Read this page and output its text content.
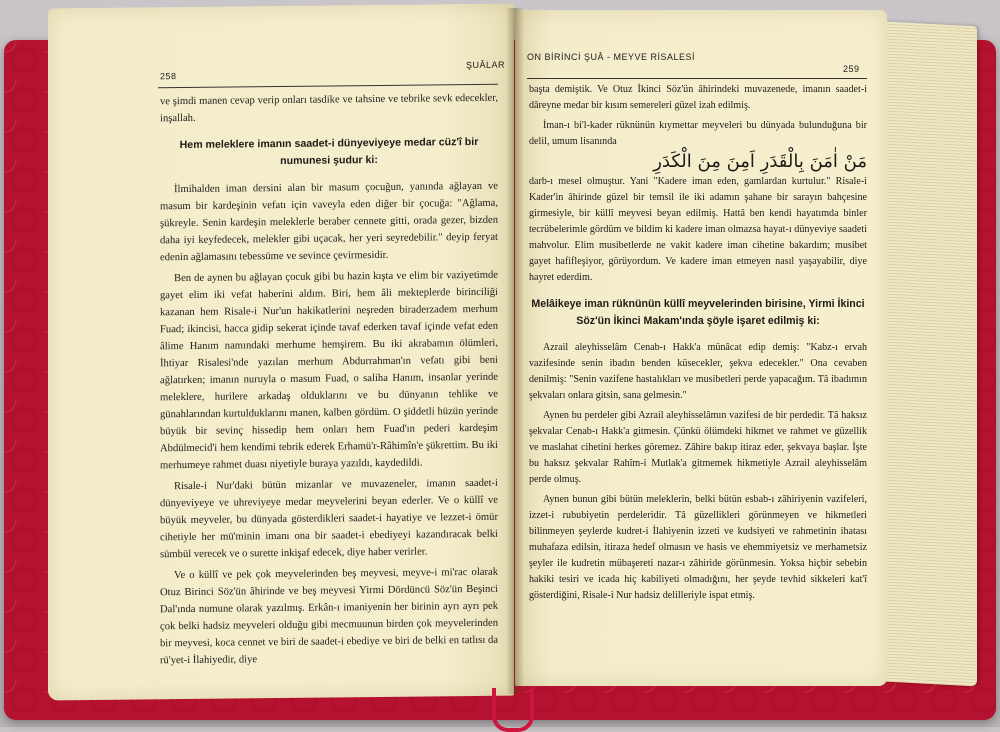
258
ŞUÂLAR

ve şimdi manen cevap verip onları tasdike ve tahsine ve tebrike sevk edecekler, inşallah.

Hem meleklere imanın saadet-i dünyeviyeye medar cüz'î bir numunesi şudur ki:

İlmihalden iman dersini alan bir masum çocuğun, yanında ağlayan ve masum bir kardeşinin vefatı için vaveyla eden diğer bir çocuğa: "Ağlama, şükreyle. Senin kardeşin meleklerle beraber cennete gitti, orada gezer, bizden daha iyi keyfedecek, melekler gibi uçacak, her yeri seyredebilir." deyip feryat edenin ağlamasını tebessüme ve sevince çevirmesidir.

Ben de aynen bu ağlayan çocuk gibi bu hazin kışta ve elim bir vaziyetimde gayet elim iki vefat haberini aldım. Biri, hem âli mekteplerde birinciliği kazanan hem Risale-i Nur'un hakikatlerini neşreden biraderzadem merhum Fuad; ikincisi, hacca gidip sekerat içinde tavaf ederken tavaf içinde vefat eden âlime Hanım namındaki merhume hemşirem. Bu iki akrabamın ölümleri, İhtiyar Risalesi'nde yazılan merhum Abdurrahman'ın vefatı gibi beni ağlatırken; imanın nuruyla o masum Fuad, o saliha Hanım, insanlar yerinde meleklere, hurilere arkadaş olduklarını ve bu dünyanın tehlike ve günahlarından kurtulduklarını manen, kalben gördüm. O şiddetli hüzün yerinde büyük bir sevinç hissedip hem onları hem Fuad'ın pederi kardeşim Abdülmecid'i hem kendimi tebrik ederek Erhamü'r-Râhimîn'e şükrettim. Bu iki merhumeye rahmet duası niyetiyle buraya yazıldı, kaydedildi.

Risale-i Nur'daki bütün mizanlar ve muvazeneler, imanın saadet-i dünyeviyeye ve uhreviyeye medar meyvelerini beyan ederler. Ve o küllî ve büyük meyveler, bu dünyada gösterdikleri saadet-i hayatiye ve lezzet-i ömür cihetiyle her mü'minin imanı ona bir saadet-i ebediyeyi kazandıracak belki sümbül verecek ve o surette inkişaf edecek, diye haber verirler.

Ve o küllî ve pek çok meyvelerinden beş meyvesi, meyve-i mi'rac olarak Otuz Birinci Söz'ün âhirinde ve beş meyvesi Yirmi Dördüncü Söz'ün Beşinci Dal'ında numune olarak yazılmış. Erkân-ı imaniyenin her birinin ayrı ayrı pek çok belki hadsiz meyveleri olduğu gibi mecmuunun birden çok meyvelerinden bir meyvesi, koca cennet ve biri de saadet-i ebediye ve biri de belki en tatlısı da rü'yet-i İlahiyedir, diye

ON BİRİNCİ ŞUÂ - MEYVE RİSALESİ
259

başta demiştik. Ve Otuz İkinci Söz'ün âhirindeki muvazenede, imanın saadet-i dâreyne medar bir kısım semereleri güzel izah edilmiş.

İman-ı bi'l-kader rüknünün kıymettar meyveleri bu dünyada bulunduğuna bir delil, umum lisanında

مَنْ اٰمَنَ بِالْقَدَرِ اَمِنَ مِنَ الْكَدَرِ

darb-ı mesel olmuştur. Yani "Kadere iman eden, gamlardan kurtulur." Risale-i Kader'in âhirinde güzel bir temsil ile iki adamın şahane bir sarayın bahçesine girmesiyle, bir küllî meyvesi beyan edilmiş. Hattâ ben kendi hayatımda binler tecrübelerimle gördüm ve bildim ki kadere iman olmazsa hayat-ı dünyeviye saadeti mahvolur. Elim musibetlerde ne vakit kadere iman cihetine bakardım; musibet gayet hafifleşiyor, görüyordum. Ve kadere iman etmeyen nasıl yaşayabilir, diye hayret ederdim.

Melâikeye iman rüknünün küllî meyvelerinden birisine, Yirmi İkinci Söz'ün İkinci Makam'ında şöyle işaret edilmiş ki:

Azrail aleyhisselâm Cenab-ı Hakk'a münâcat edip demiş: "Kabz-ı ervah vazifesinde senin ibadın benden küsecekler, şekva edecekler." Ona cevaben denilmiş: "Senin vazifene hastalıkları ve musibetleri perde yapacağım. Tâ ibadımın şekvaları onlara gitsin, sana gelmesin."

Aynen bu perdeler gibi Azrail aleyhisselâmın vazifesi de bir perdedir. Tâ haksız şekvalar Cenab-ı Hakk'a gitmesin. Çünkü ölümdeki hikmet ve rahmet ve güzellik ve maslahat cihetini herkes göremez. Zâhire bakıp itiraz eder, şekvaya başlar. İşte bu haksız şekvalar Rahîm-i Mutlak'a gitmemek hikmetiyle Azrail aleyhisselâm perde olmuş.

Aynen bunun gibi bütün meleklerin, belki bütün esbab-ı zâhiriyenin vazifeleri, izzet-i rububiyetin perdeleridir. Tâ güzellikleri görünmeyen ve hikmetleri bilinmeyen şeylerde kudret-i İlahiyenin izzeti ve kudsiyeti ve rahmetinin ihatası muhafaza edilsin, itiraza hedef olmasın ve hasis ve ehemmiyetsiz ve merhametsiz şeyler ile kudretin mübaşereti nazar-ı zâhiride görünmesin. Yoksa hiçbir sebebin hakiki tesiri ve icada hiç kabiliyeti olmadığını, her şeyde tevhid sikkeleri kat'î gösterdiğini, Risale-i Nur hadsiz delilleriyle ispat etmiş.
